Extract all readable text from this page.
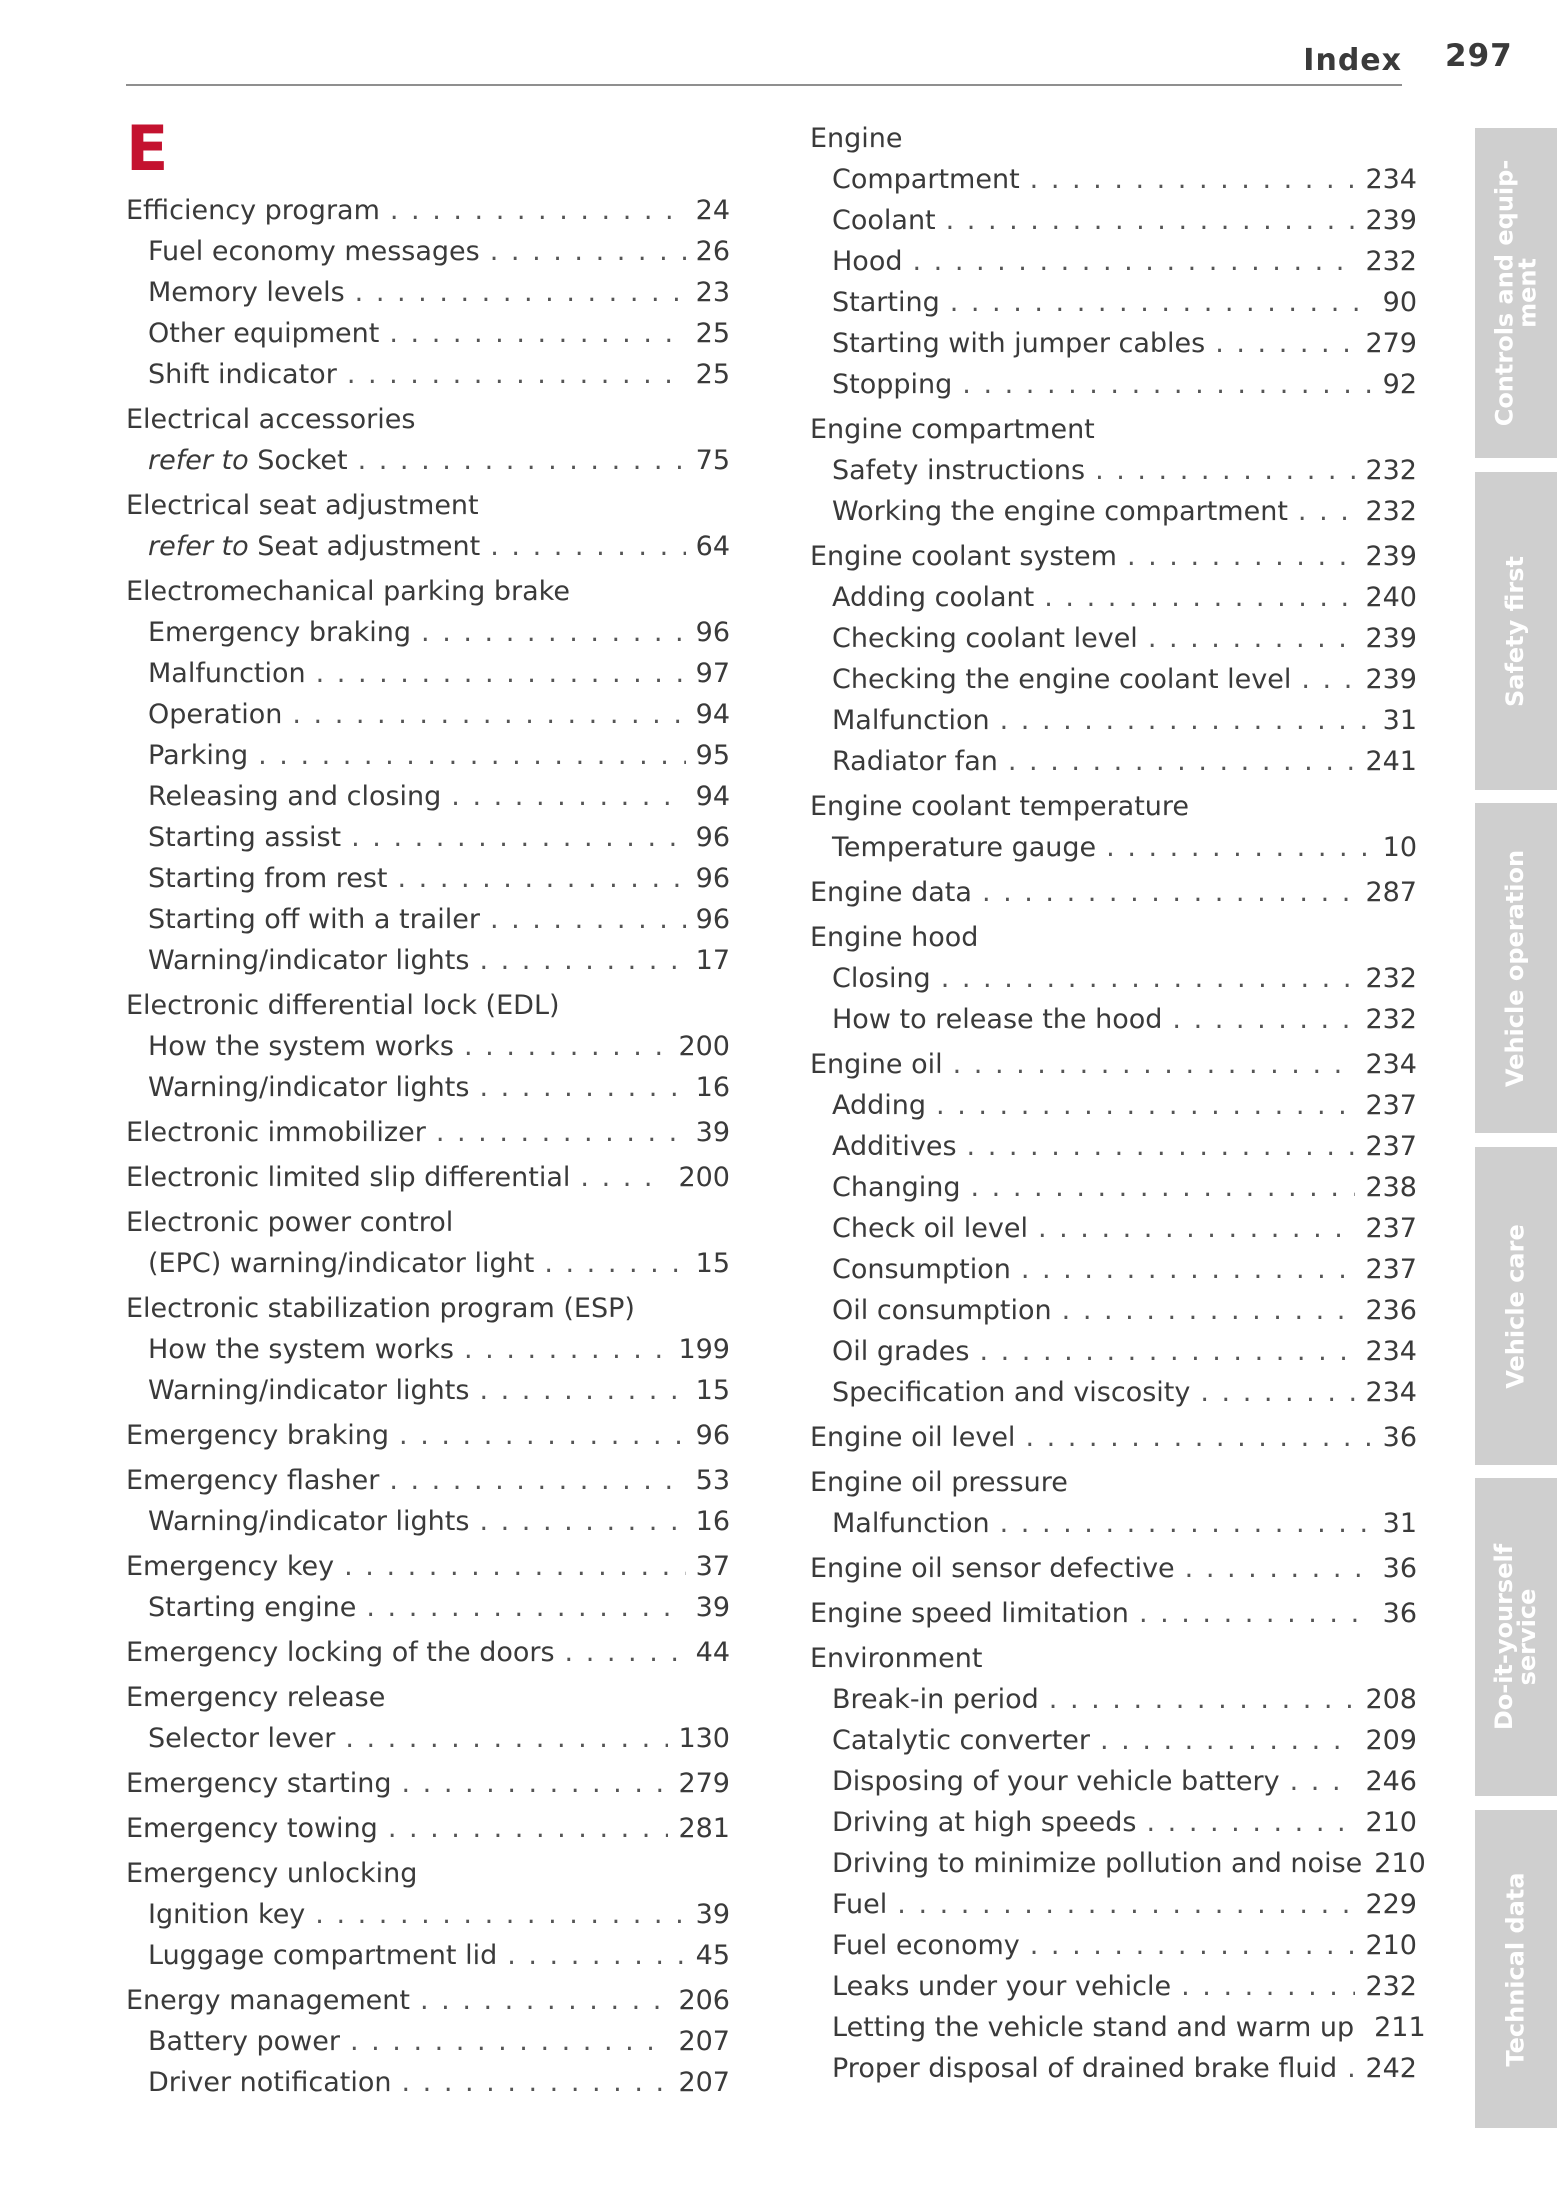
Index 297
E
Efficiency program . . .	24
Fuel economy messages . . .	26
Memory levels . . .	23
Other equipment . . .	25
Shift indicator . . .	25
Electrical accessories
refer to Socket . . .	75
Electrical seat adjustment
refer to Seat adjustment . . .	64
Electromechanical parking brake
Emergency braking . . .	96
Malfunction . . .	97
Operation . . .	94
Parking . . .	95
Releasing and closing . . .	94
Starting assist . . .	96
Starting from rest . . .	96
Starting off with a trailer . . .	96
Warning/indicator lights . . .	17
Electronic differential lock (EDL)
How the system works . . .	200
Warning/indicator lights . . .	16
Electronic immobilizer . . .	39
Electronic limited slip differential . . .	200
Electronic power control
(EPC) warning/indicator light . . .	15
Electronic stabilization program (ESP)
How the system works . . .	199
Warning/indicator lights . . .	15
Emergency braking . . .	96
Emergency flasher . . .	53
Warning/indicator lights . . .	16
Emergency key . . .	37
Starting engine . . .	39
Emergency locking of the doors . . .	44
Emergency release
Selector lever . . .	130
Emergency starting . . .	279
Emergency towing . . .	281
Emergency unlocking
Ignition key . . .	39
Luggage compartment lid . . .	45
Energy management . . .	206
Battery power . . .	207
Driver notification . . .	207
Engine
Compartment . . .	234
Coolant . . .	239
Hood . . .	232
Starting . . .	90
Starting with jumper cables . . .	279
Stopping . . .	92
Engine compartment
Safety instructions . . .	232
Working the engine compartment . . .	232
Engine coolant system . . .	239
Adding coolant . . .	240
Checking coolant level . . .	239
Checking the engine coolant level . . .	239
Malfunction . . .	31
Radiator fan . . .	241
Engine coolant temperature
Temperature gauge . . .	10
Engine data . . .	287
Engine hood
Closing . . .	232
How to release the hood . . .	232
Engine oil . . .	234
Adding . . .	237
Additives . . .	237
Changing . . .	238
Check oil level . . .	237
Consumption . . .	237
Oil consumption . . .	236
Oil grades . . .	234
Specification and viscosity . . .	234
Engine oil level . . .	36
Engine oil pressure
Malfunction . . .	31
Engine oil sensor defective . . .	36
Engine speed limitation . . .	36
Environment
Break-in period . . .	208
Catalytic converter . . .	209
Disposing of your vehicle battery . . .	246
Driving at high speeds . . .	210
Driving to minimize pollution and noise 210
Fuel . . .	229
Fuel economy . . .	210
Leaks under your vehicle . . .	232
Letting the vehicle stand and warm up 211
Proper disposal of drained brake fluid . . . 242
Controls and equip-
ment
Safety first
Vehicle operation
Vehicle care
Do-it-yourself
service
Technical data
